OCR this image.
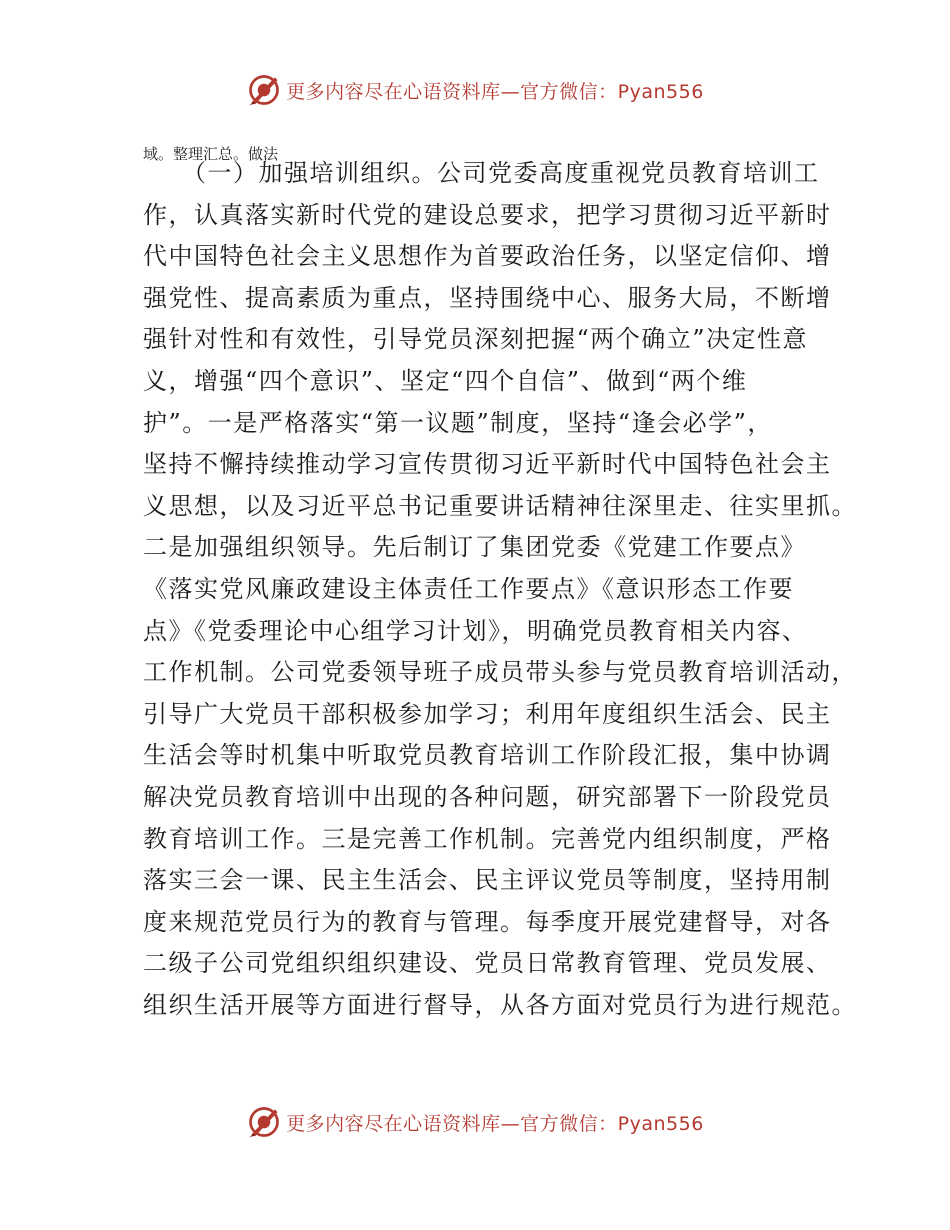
更多内容尽在心语资料库—官方微信：Pyan556
域。整理汇总。做法
　　（一）加强培训组织。公司党委高度重视党员教育培训工
作，认真落实新时代党的建设总要求，把学习贯彻习近平新时
代中国特色社会主义思想作为首要政治任务，以坚定信仰、增
强党性、提高素质为重点，坚持围绕中心、服务大局，不断增
强针对性和有效性，引导党员深刻把握“两个确立”决定性意
义，增强“四个意识”、坚定“四个自信”、做到“两个维
护”。一是严格落实“第一议题”制度，坚持“逢会必学”，
坚持不懈持续推动学习宣传贯彻习近平新时代中国特色社会主
义思想，以及习近平总书记重要讲话精神往深里走、往实里抓。
二是加强组织领导。先后制订了集团党委《党建工作要点》
《落实党风廉政建设主体责任工作要点》《意识形态工作要
点》《党委理论中心组学习计划》，明确党员教育相关内容、
工作机制。公司党委领导班子成员带头参与党员教育培训活动，
引导广大党员干部积极参加学习；利用年度组织生活会、民主
生活会等时机集中听取党员教育培训工作阶段汇报，集中协调
解决党员教育培训中出现的各种问题，研究部署下一阶段党员
教育培训工作。三是完善工作机制。完善党内组织制度，严格
落实三会一课、民主生活会、民主评议党员等制度，坚持用制
度来规范党员行为的教育与管理。每季度开展党建督导，对各
二级子公司党组织组织建设、党员日常教育管理、党员发展、
组织生活开展等方面进行督导，从各方面对党员行为进行规范。
更多内容尽在心语资料库—官方微信：Pyan556
